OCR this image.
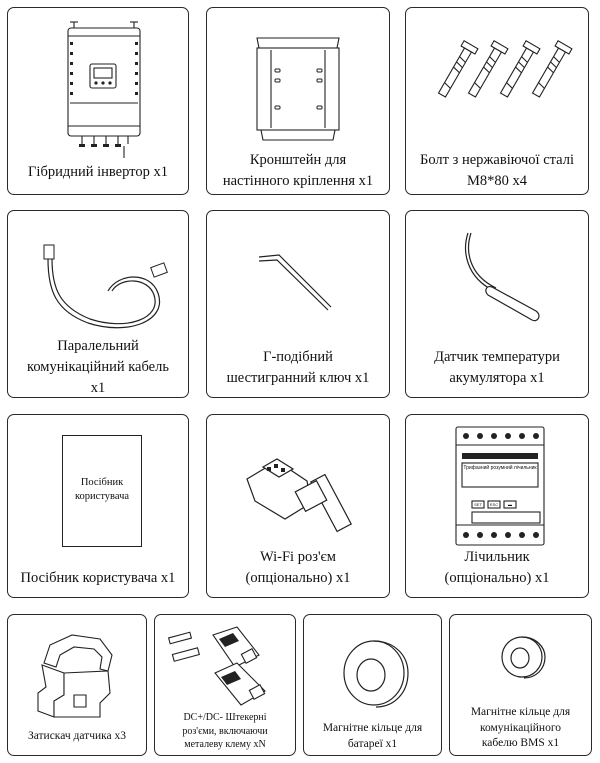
Гібридний інвертор x1
Кронштейн для
настінного кріплення x1
Болт з нержавіючої сталі
M8*80 x4
Паралельний
комунікаційний кабель
x1
Г-подібний
шестигранний ключ x1
Датчик температури
акумулятора x1
Посібник
користувача
Посібник користувача x1
Wi-Fi роз'єм
(опціонально) x1
Трифазний розумний лічильник
SET	ESC	▬
Лічильник
(опціонально) x1
Затискач датчика x3
DC+/DC- Штекерні
роз'єми, включаючи
металеву клему xN
Магнітне кільце для
батареї x1
Магнітне кільце для
комунікаційного
кабелю BMS x1
